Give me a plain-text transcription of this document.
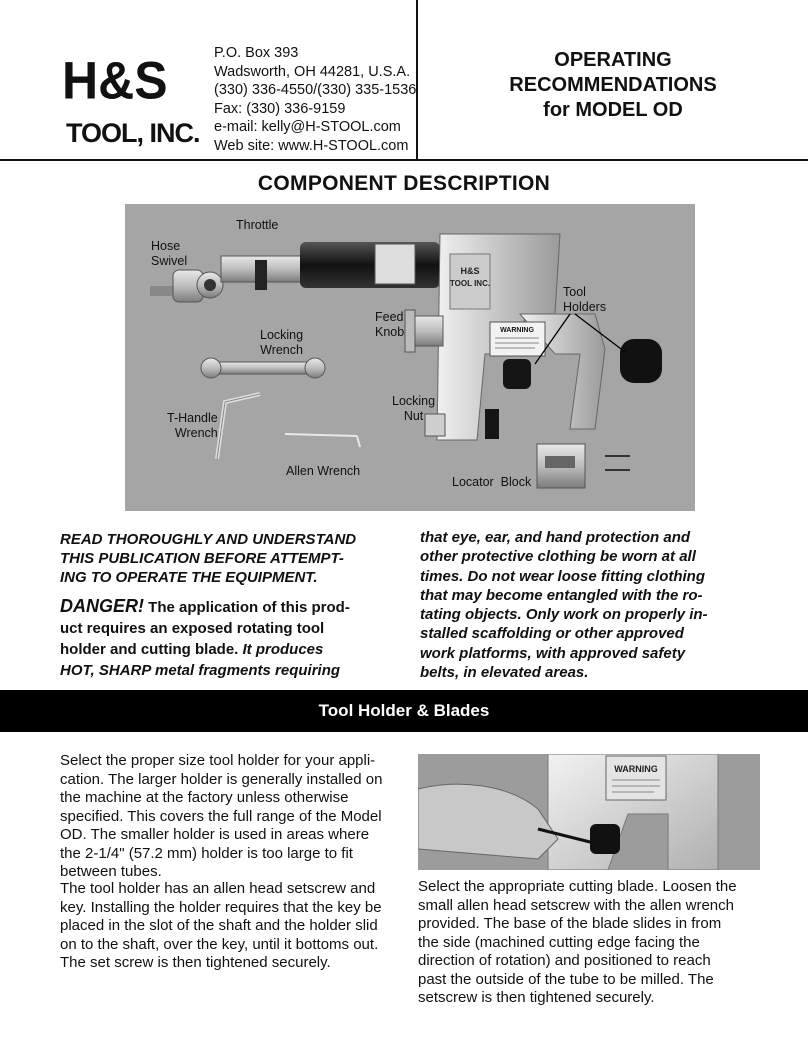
H&S
TOOL, INC.
P.O. Box 393
Wadsworth, OH 44281, U.S.A.
(330) 336-4550/(330) 335-1536
Fax: (330) 336-9159
e-mail: kelly@H-STOOL.com
Web site: www.H-STOOL.com
OPERATING
RECOMMENDATIONS
for MODEL OD
COMPONENT DESCRIPTION
H&S
TOOL INC.
WARNING
Throttle
Hose
Swivel
Feed
Knob
Tool
Holders
Locking
Wrench
Locking
Nut
T-Handle
Wrench
Allen Wrench
Locator  Block
READ THOROUGHLY AND UNDERSTAND
THIS PUBLICATION BEFORE ATTEMPT-
ING TO OPERATE THE EQUIPMENT.
DANGER! The application of this prod-
uct requires an exposed rotating tool
holder and cutting blade. It produces
HOT, SHARP metal fragments requiring
that eye, ear, and hand protection and
other protective clothing be worn at all
times. Do not wear loose fitting clothing
that may become entangled with the ro-
tating objects. Only work on properly in-
stalled scaffolding or other approved
work platforms, with approved safety
belts, in elevated areas.
Tool Holder & Blades
Select the proper size tool holder for your appli-
cation. The larger holder is generally installed on
the machine at the factory unless otherwise
specified. This covers the full range of the Model
OD. The smaller holder is used in areas where
the 2-1/4" (57.2 mm) holder is too large to fit
between tubes.
The tool holder has an allen head setscrew and
key. Installing the holder requires that the key be
placed in the slot of the shaft and the holder slid
on to the shaft, over the key, until it bottoms out.
The set screw is then tightened securely.
WARNING
Select the appropriate cutting blade. Loosen the
small allen head setscrew with the allen wrench
provided. The base of the blade slides in from
the side (machined cutting edge facing the
direction of rotation) and positioned to reach
past the outside of the tube to be milled. The
setscrew is then tightened securely.
